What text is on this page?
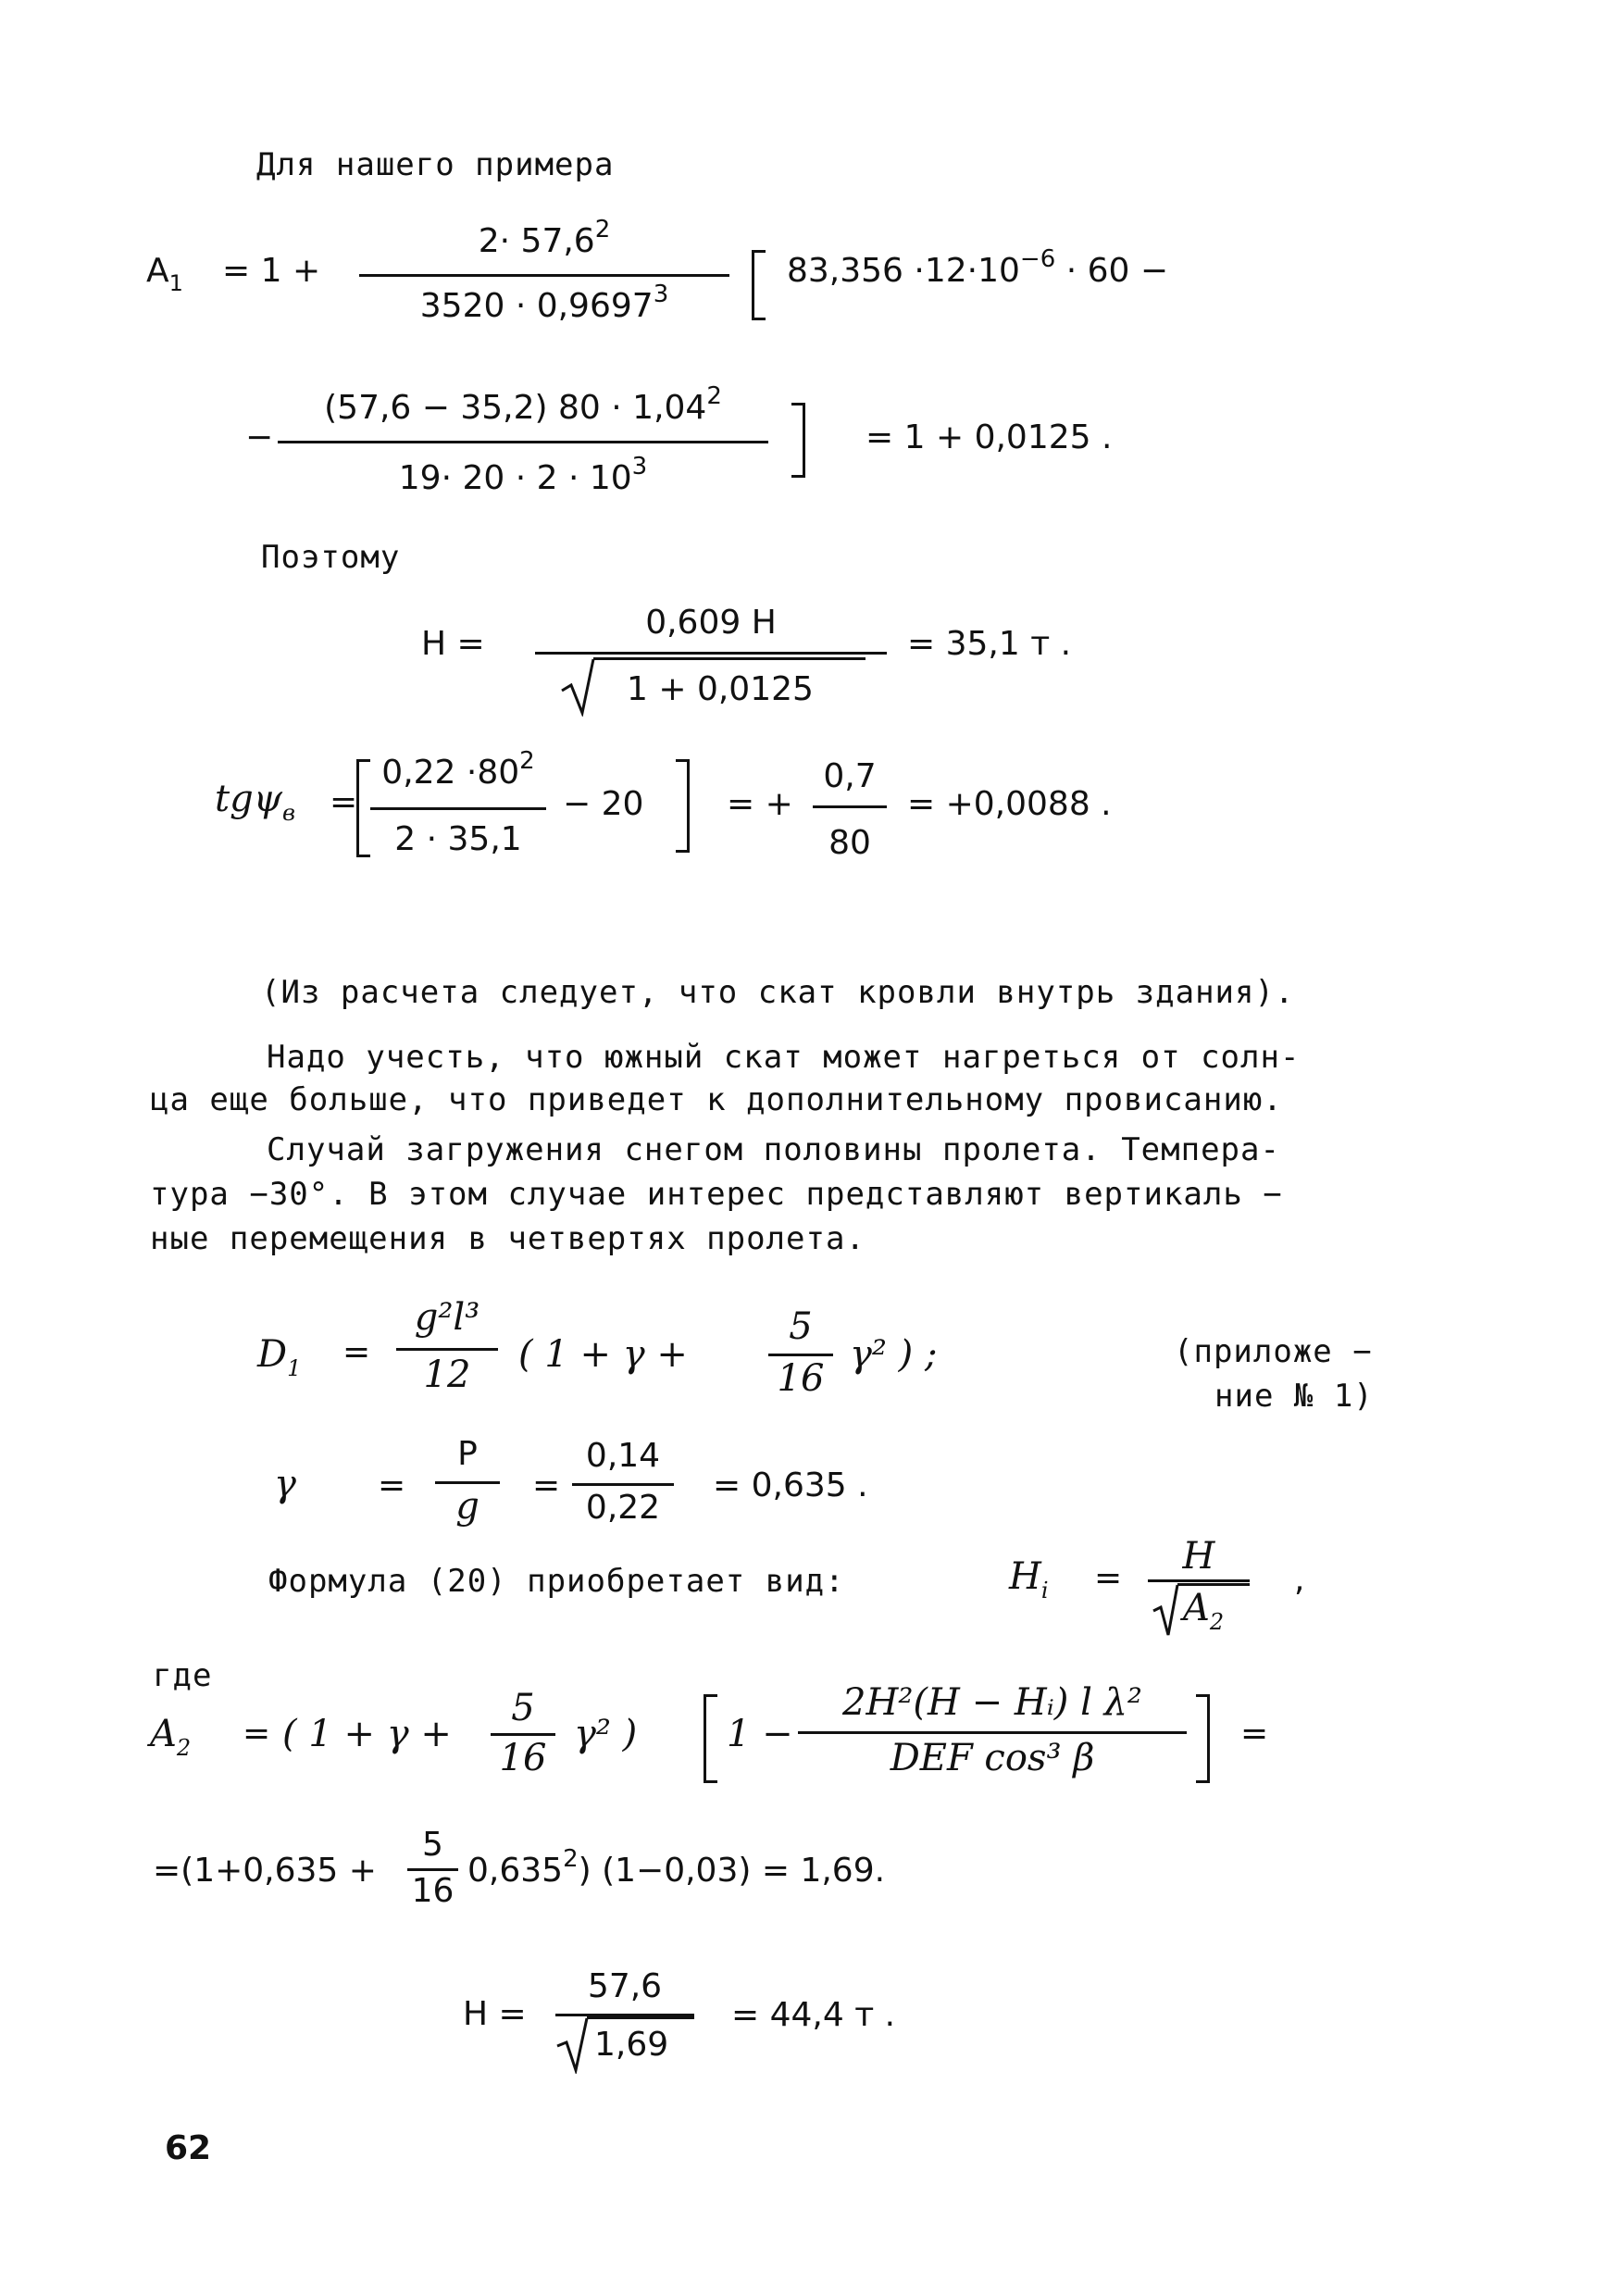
Для нашего примера
$A_1 = 1$ +
$2\cdot 57,6^2$
$3520 \cdot 0,9697^3$
$83,356 \cdot 12\cdot 10^{-6} \cdot 60$ −
−
(57,6 − 35,2) $80 \cdot 1,04^2$
$19\cdot 20 \cdot 2 \cdot 10^3$
= 1 + 0,0125 .
Поэтому
H =
0,609 H
1 + 0,0125
= 35,1 т .
tgψ$_в$ =
$0,22 \cdot 80^2$
2 · 35,1
− 20 = +
0,7
80
= +0,0088 .
(Из расчета следует, что скат кровли внутрь здания).
Надо учесть, что южный скат может нагреться от солн-
ца еще больше, что приведет к дополнительному провисанию.
Случай загружения снегом половины пролета. Темпера-
тура −30°. В этом случае интерес представляют вертикаль −
ные перемещения в четвертях пролета.
$D_1$ =
g²l³
12	( 1 + γ +
5
16
γ² ) ;	(приложе −
ние № 1)
γ =
P
g	=
0,14
0,22
= 0,635 .
Формула (20) приобретает вид:	$H_i$ =
H
$A_2$
,
где
$A_2$ = ( 1 + γ +
5
16
γ² ) 1 −
2H²(H − Hᵢ) l λ²
DEF cos³ β
=
=(1+0,635 +
5
16
0,635$^2$) (1−0,03) = 1,69.
H =
57,6
1,69
= 44,4 т .
62
